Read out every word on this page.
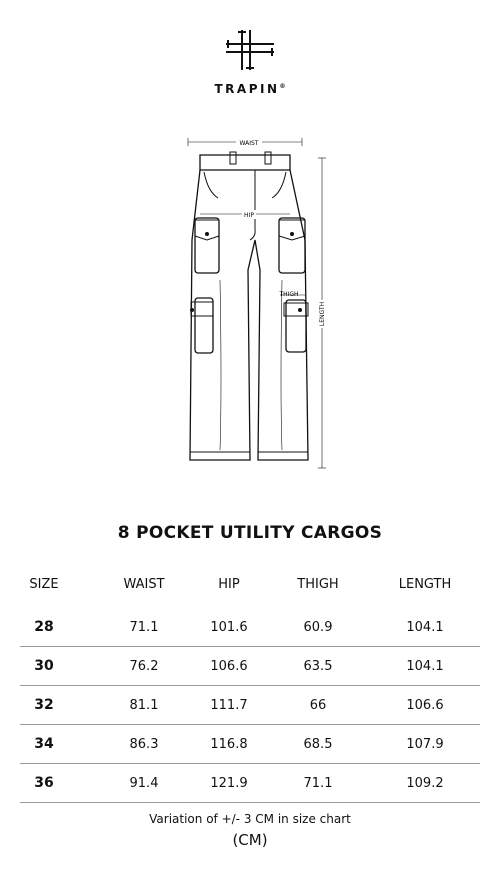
TRAPIN®
WAIST
HIP
THIGH
LENGTH
8 POCKET UTILITY CARGOS
SIZE	WAIST	HIP	THIGH	LENGTH
28	71.1	101.6	60.9	104.1
30	76.2	106.6	63.5	104.1
32	81.1	111.7	66	106.6
34	86.3	116.8	68.5	107.9
36	91.4	121.9	71.1	109.2
Variation of +/- 3 CM in size chart
(CM)
